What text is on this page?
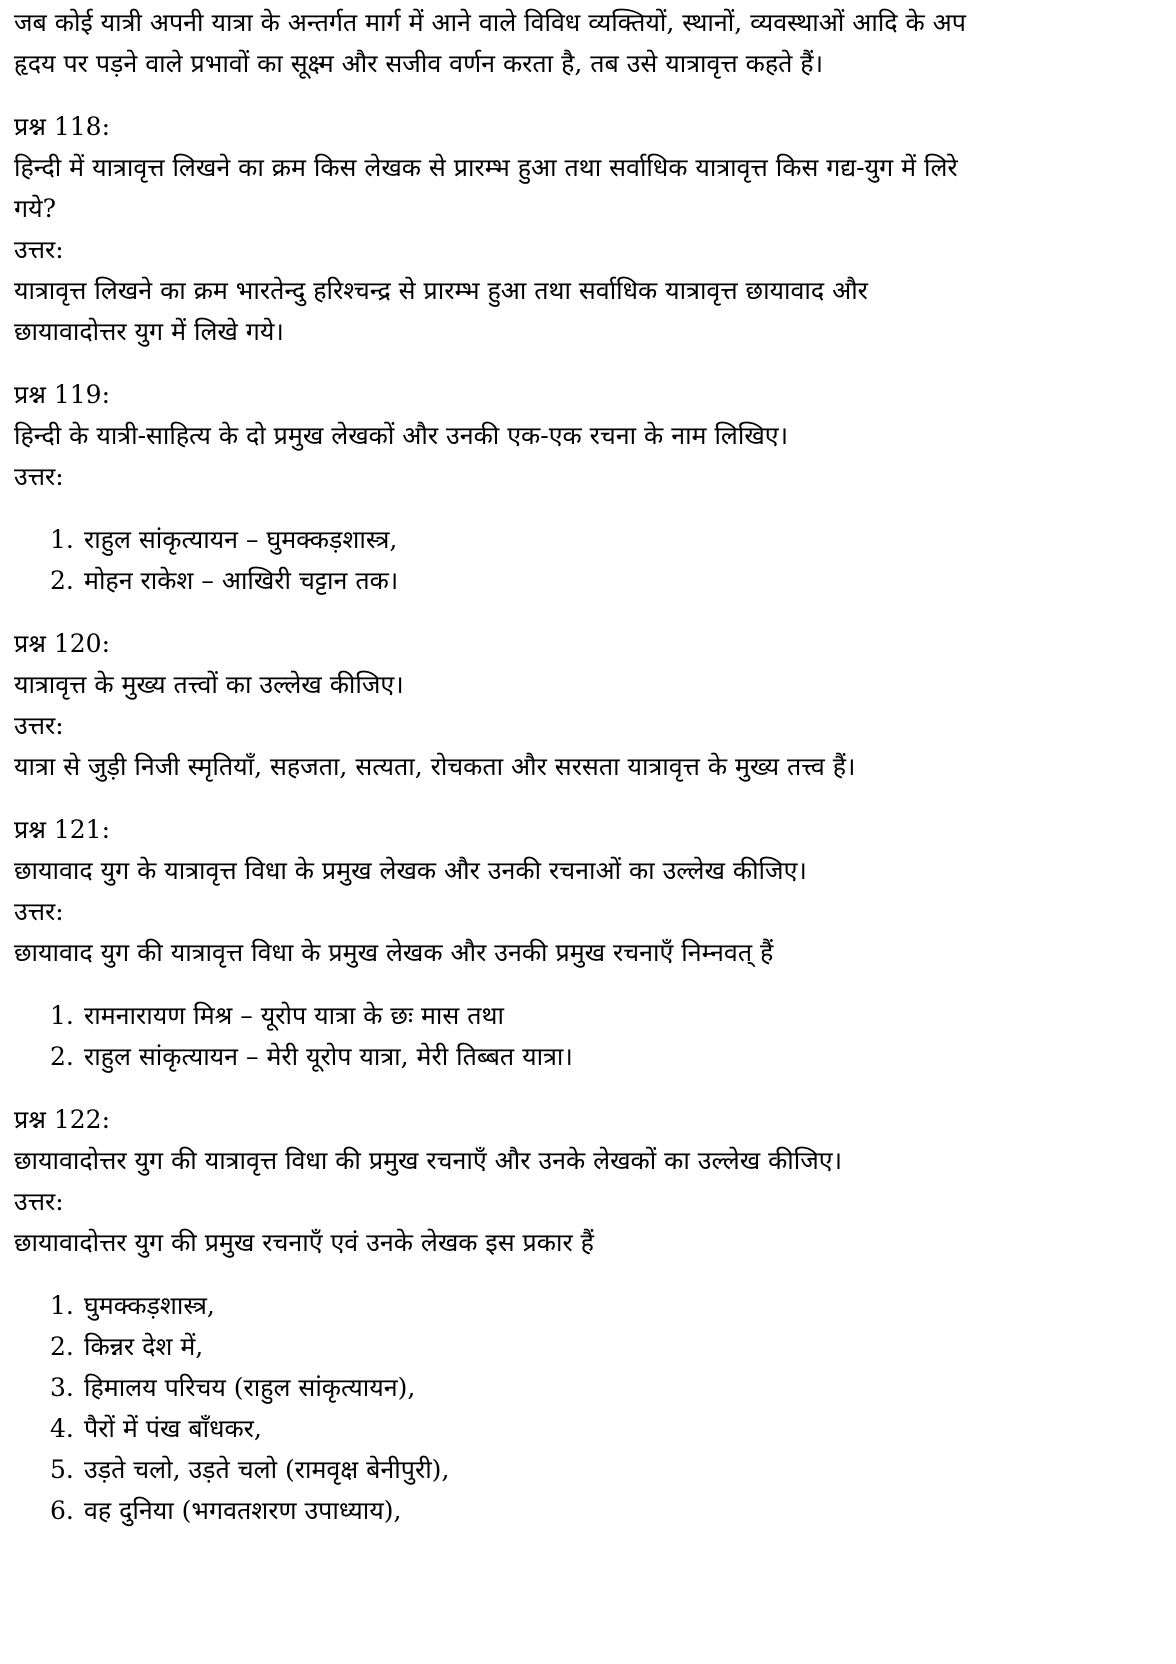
जब कोई यात्री अपनी यात्रा के अन्तर्गत मार्ग में आने वाले विविध व्यक्तियों, स्थानों, व्यवस्थाओं आदि के अप

हृदय पर पड़ने वाले प्रभावों का सूक्ष्म और सजीव वर्णन करता है, तब उसे यात्रावृत्त कहते हैं।

प्रश्न 118:

हिन्दी में यात्रावृत्त लिखने का क्रम किस लेखक से प्रारम्भ हुआ तथा सर्वाधिक यात्रावृत्त किस गद्य-युग में लिरे

गये?

उत्तर:

यात्रावृत्त लिखने का क्रम भारतेन्दु हरिश्चन्द्र से प्रारम्भ हुआ तथा सर्वाधिक यात्रावृत्त छायावाद और

छायावादोत्तर युग में लिखे गये।

प्रश्न 119:

हिन्दी के यात्री-साहित्य के दो प्रमुख लेखकों और उनकी एक-एक रचना के नाम लिखिए।

उत्तर:

1. राहुल सांकृत्यायन – घुमक्कड़शास्त्र,
2. मोहन राकेश – आखिरी चट्टान तक।

प्रश्न 120:

यात्रावृत्त के मुख्य तत्त्वों का उल्लेख कीजिए।

उत्तर:

यात्रा से जुड़ी निजी स्मृतियाँ, सहजता, सत्यता, रोचकता और सरसता यात्रावृत्त के मुख्य तत्त्व हैं।

प्रश्न 121:

छायावाद युग के यात्रावृत्त विधा के प्रमुख लेखक और उनकी रचनाओं का उल्लेख कीजिए।

उत्तर:

छायावाद युग की यात्रावृत्त विधा के प्रमुख लेखक और उनकी प्रमुख रचनाएँ निम्नवत् हैं

1. रामनारायण मिश्र – यूरोप यात्रा के छः मास तथा
2. राहुल सांकृत्यायन – मेरी यूरोप यात्रा, मेरी तिब्बत यात्रा।

प्रश्न 122:

छायावादोत्तर युग की यात्रावृत्त विधा की प्रमुख रचनाएँ और उनके लेखकों का उल्लेख कीजिए।

उत्तर:

छायावादोत्तर युग की प्रमुख रचनाएँ एवं उनके लेखक इस प्रकार हैं

1. घुमक्कड़शास्त्र,
2. किन्नर देश में,
3. हिमालय परिचय (राहुल सांकृत्यायन),
4. पैरों में पंख बाँधकर,
5. उड़ते चलो, उड़ते चलो (रामवृक्ष बेनीपुरी),
6. वह दुनिया (भगवतशरण उपाध्याय),
